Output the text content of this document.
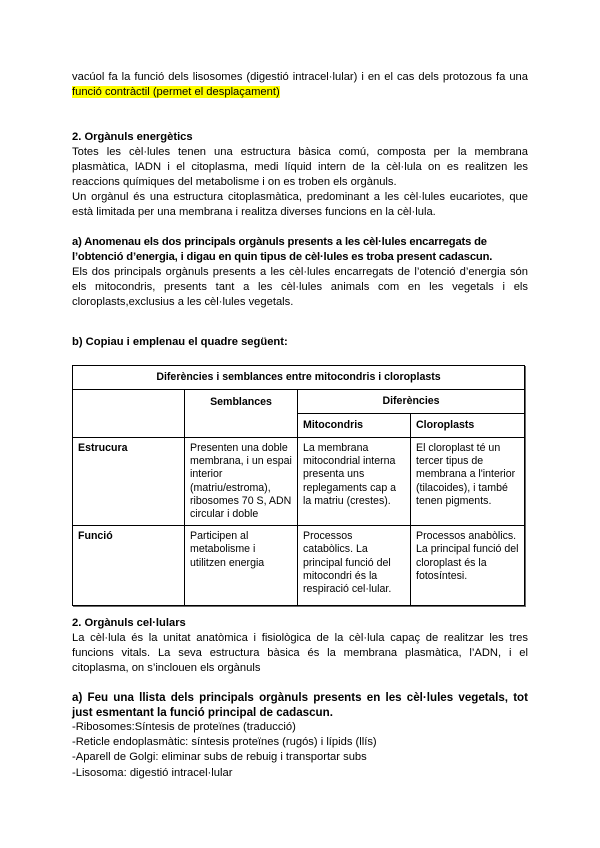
vacúol fa la funció dels lisosomes (digestió intracel·lular) i en el cas dels protozous fa una
funció contràctil (permet el desplaçament)
2. Orgànuls energètics
Totes les cèl·lules tenen una estructura bàsica comú, composta per la membrana plasmàtica, lADN i el citoplasma, medi líquid intern de la cèl·lula on es realitzen les reaccions químiques del metabolisme i on es troben els orgànuls.
Un orgànul és una estructura citoplasmàtica, predominant a les cèl·lules eucariotes, que està limitada per una membrana i realitza diverses funcions en la cèl·lula.
a) Anomenau els dos principals orgànuls presents a les cèl·lules encarregats de l’obtenció d’energia, i digau en quin tipus de cèl·lules es troba present cadascun.
Els dos principals orgànuls presents a les cèl·lules encarregats de l’otenció d’energia són els mitocondris, presents tant a les cèl·lules animals com en les vegetals i els cloroplasts,exclusius a les cèl·lules vegetals.
b) Copiau i emplenau el quadre següent:
Diferències i semblances entre mitocondris i cloroplasts			
	Semblances	Diferències	
		Mitocondris	Cloroplasts
Estrucura	Presenten una doble membrana, i un espai interior (matriu/estroma), ribosomes 70 S, ADN circular i doble	La membrana mitocondrial interna presenta uns replegaments cap a la matriu (crestes).	El cloroplast té un tercer tipus de membrana a l'interior (tilacoides), i també tenen pigments.
Funció	Participen al metabolisme i utilitzen energia	Processos catabòlics. La principal funció del mitocondri és la respiració cel·lular.	Processos anabòlics. La principal funció del cloroplast és la fotosíntesi.
2. Orgànuls cel·lulars
La cèl·lula és la unitat anatòmica i fisiològica de la cèl·lula capaç de realitzar les tres funcions vitals. La seva estructura bàsica és la membrana plasmàtica, l’ADN, i el citoplasma, on s’inclouen els orgànuls
a) Feu una llista dels principals orgànuls presents en les cèl·lules vegetals, tot just esmentant la funció principal de cadascun.
-Ribosomes:Síntesis de proteïnes (traducció)
-Reticle endoplasmàtic: síntesis proteïnes (rugós) i lípids (llís)
-Aparell de Golgi: eliminar subs de rebuig i transportar subs
-Lisosoma: digestió intracel·lular
